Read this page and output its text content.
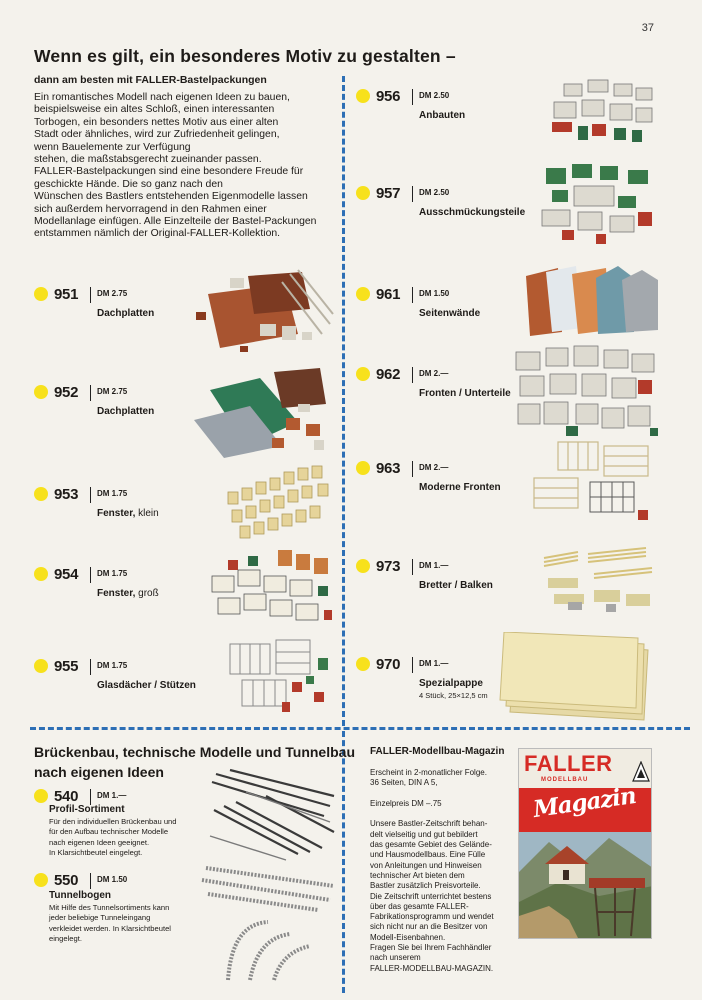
37
Wenn es gilt, ein besonderes Motiv zu gestalten –
dann am besten mit FALLER-Bastelpackungen
Ein romantisches Modell nach eigenen Ideen zu bauen,
beispielsweise ein altes Schloß, einen interessanten
Torbogen, ein besonders nettes Motiv aus einer alten
Stadt oder ähnliches, wird zur Zufriedenheit gelingen,
wenn Bauelemente zur Verfügung
stehen, die maßstabsgerecht zueinander passen.
FALLER-Bastelpackungen sind eine besondere Freude für
geschickte Hände. Die so ganz nach den
Wünschen des Bastlers entstehenden Eigenmodelle lassen
sich außerdem hervorragend in den Rahmen einer
Modellanlage einfügen. Alle Einzelteile der Bastel-Packungen
entstammen nämlich der Original-FALLER-Kollektion.
951 DM 2.75
Dachplatten
952 DM 2.75
Dachplatten
953 DM 1.75
Fenster, klein
954 DM 1.75
Fenster, groß
955 DM 1.75
Glasdächer / Stützen
956 DM 2.50
Anbauten
957 DM 2.50
Ausschmückungsteile
961 DM 1.50
Seitenwände
962 DM 2.—
Fronten / Unterteile
963 DM 2.—
Moderne Fronten
973 DM 1.—
Bretter / Balken
970 DM 1.—
Spezialpappe
4 Stück, 25×12,5 cm
Brückenbau, technische Modelle und Tunnelbau
nach eigenen Ideen
540 DM 1.—
Profil-Sortiment
Für den individuellen Brückenbau und
für den Aufbau technischer Modelle
nach eigenen Ideen geeignet.
In Klarsichtbeutel eingelegt.
550 DM 1.50
Tunnelbogen
Mit Hilfe des Tunnelsortiments kann
jeder beliebige Tunneleingang
verkleidet werden. In Klarsichtbeutel
eingelegt.
FALLER-Modellbau-Magazin
Erscheint in 2-monatlicher Folge.
36 Seiten, DIN A 5,

Einzelpreis DM –.75

Unsere Bastler-Zeitschrift behan-
delt vielseitig und gut bebildert
das gesamte Gebiet des Gelände-
und Hausmodellbaus. Eine Fülle
von Anleitungen und Hinweisen
technischer Art bieten dem
Bastler zusätzlich Preisvorteile.
Die Zeitschrift unterrichtet bestens
über das gesamte FALLER-
Fabrikationsprogramm und wendet
sich nicht nur an die Besitzer von
Modell-Eisenbahnen.
Fragen Sie bei Ihrem Fachhändler
nach unserem
FALLER-MODELLBAU-MAGAZIN.
FALLER
MODELLBAU
Magazin
